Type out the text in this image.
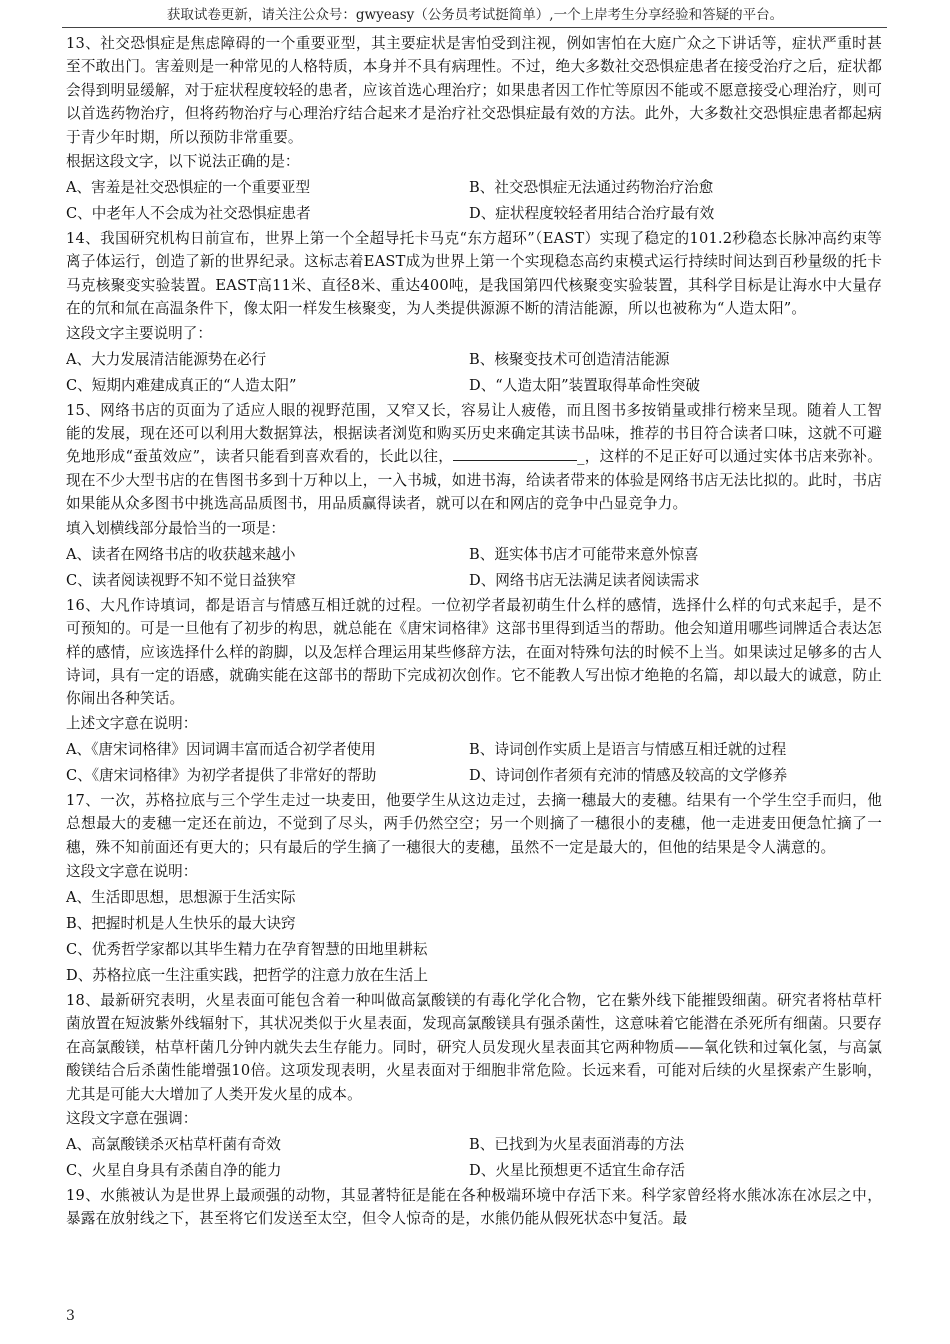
获取试卷更新，请关注公众号：gwyeasy（公务员考试挺简单）,一个上岸考生分享经验和答疑的平台。

13、社交恐惧症是焦虑障碍的一个重要亚型，其主要症状是害怕受到注视，例如害怕在大庭广众之下讲话等，症状严重时甚至不敢出门。害羞则是一种常见的人格特质，本身并不具有病理性。不过，绝大多数社交恐惧症患者在接受治疗之后，症状都会得到明显缓解，对于症状程度较轻的患者，应该首选心理治疗；如果患者因工作忙等原因不能或不愿意接受心理治疗，则可以首选药物治疗，但将药物治疗与心理治疗结合起来才是治疗社交恐惧症最有效的方法。此外，大多数社交恐惧症患者都起病于青少年时期，所以预防非常重要。

根据这段文字，以下说法正确的是：

A、害羞是社交恐惧症的一个重要亚型	B、社交恐惧症无法通过药物治疗治愈
C、中老年人不会成为社交恐惧症患者	D、症状程度较轻者用结合治疗最有效

14、我国研究机构日前宣布，世界上第一个全超导托卡马克“东方超环”（EAST）实现了稳定的101.2秒稳态长脉冲高约束等离子体运行，创造了新的世界纪录。这标志着EAST成为世界上第一个实现稳态高约束模式运行持续时间达到百秒量级的托卡马克核聚变实验装置。EAST高11米、直径8米、重达400吨，是我国第四代核聚变实验装置，其科学目标是让海水中大量存在的氘和氚在高温条件下，像太阳一样发生核聚变，为人类提供源源不断的清洁能源，所以也被称为“人造太阳”。

这段文字主要说明了：

A、大力发展清洁能源势在必行	B、核聚变技术可创造清洁能源
C、短期内难建成真正的“人造太阳”	D、“人造太阳”装置取得革命性突破

15、网络书店的页面为了适应人眼的视野范围，又窄又长，容易让人疲倦，而且图书多按销量或排行榜来呈现。随着人工智能的发展，现在还可以利用大数据算法，根据读者浏览和购买历史来确定其读书品味，推荐的书目符合读者口味，这就不可避免地形成“蚕茧效应”，读者只能看到喜欢看的，长此以往，	_，这样的不足正好可以通过实体书店来弥补。现在不少大型书店的在售图书多到十万种以上，一入书城，如进书海，给读者带来的体验是网络书店无法比拟的。此时，书店如果能从众多图书中挑选高品质图书，用品质赢得读者，就可以在和网店的竞争中凸显竞争力。

填入划横线部分最恰当的一项是：

A、读者在网络书店的收获越来越小	B、逛实体书店才可能带来意外惊喜
C、读者阅读视野不知不觉日益狭窄	D、网络书店无法满足读者阅读需求

16、大凡作诗填词，都是语言与情感互相迁就的过程。一位初学者最初萌生什么样的感情，选择什么样的句式来起手，是不可预知的。可是一旦他有了初步的构思，就总能在《唐宋词格律》这部书里得到适当的帮助。他会知道用哪些词牌适合表达怎样的感情，应该选择什么样的韵脚，以及怎样合理运用某些修辞方法，在面对特殊句法的时候不上当。如果读过足够多的古人诗词，具有一定的语感，就确实能在这部书的帮助下完成初次创作。它不能教人写出惊才绝艳的名篇，却以最大的诚意，防止你闹出各种笑话。

上述文字意在说明：

A、《唐宋词格律》因词调丰富而适合初学者使用	B、诗词创作实质上是语言与情感互相迁就的过程
C、《唐宋词格律》为初学者提供了非常好的帮助	D、诗词创作者须有充沛的情感及较高的文学修养

17、一次，苏格拉底与三个学生走过一块麦田，他要学生从这边走过，去摘一穗最大的麦穗。结果有一个学生空手而归，他总想最大的麦穗一定还在前边，不觉到了尽头，两手仍然空空；另一个则摘了一穗很小的麦穗，他一走进麦田便急忙摘了一穗，殊不知前面还有更大的；只有最后的学生摘了一穗很大的麦穗，虽然不一定是最大的，但他的结果是令人满意的。

这段文字意在说明：

A、生活即思想，思想源于生活实际
B、把握时机是人生快乐的最大诀窍
C、优秀哲学家都以其毕生精力在孕育智慧的田地里耕耘
D、苏格拉底一生注重实践，把哲学的注意力放在生活上

18、最新研究表明，火星表面可能包含着一种叫做高氯酸镁的有毒化学化合物，它在紫外线下能摧毁细菌。研究者将枯草杆菌放置在短波紫外线辐射下，其状况类似于火星表面，发现高氯酸镁具有强杀菌性，这意味着它能潜在杀死所有细菌。只要存在高氯酸镁，枯草杆菌几分钟内就失去生存能力。同时，研究人员发现火星表面其它两种物质——氧化铁和过氧化氢，与高氯酸镁结合后杀菌性能增强10倍。这项发现表明，火星表面对于细胞非常危险。长远来看，可能对后续的火星探索产生影响，尤其是可能大大增加了人类开发火星的成本。

这段文字意在强调：

A、高氯酸镁杀灭枯草杆菌有奇效	B、已找到为火星表面消毒的方法
C、火星自身具有杀菌自净的能力	D、火星比预想更不适宜生命存活

19、水熊被认为是世界上最顽强的动物，其显著特征是能在各种极端环境中存活下来。科学家曾经将水熊冰冻在冰层之中，暴露在放射线之下，甚至将它们发送至太空，但令人惊奇的是，水熊仍能从假死状态中复活。最

3
